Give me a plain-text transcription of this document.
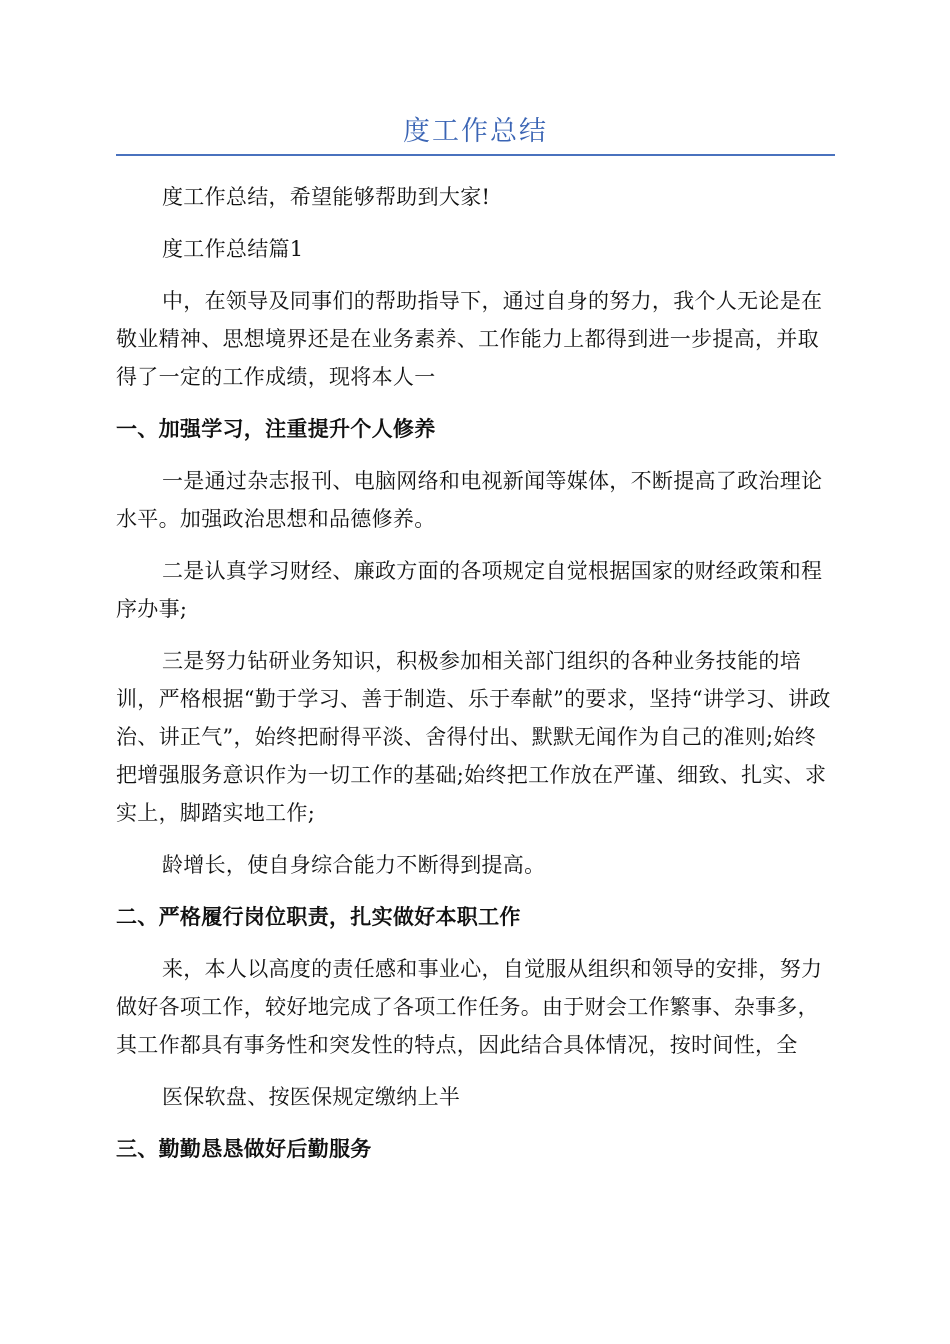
度工作总结

度工作总结，希望能够帮助到大家!

度工作总结篇1

中，在领导及同事们的帮助指导下，通过自身的努力，我个人无论是在敬业精神、思想境界还是在业务素养、工作能力上都得到进一步提高，并取得了一定的工作成绩，现将本人一

一、加强学习，注重提升个人修养

一是通过杂志报刊、电脑网络和电视新闻等媒体，不断提高了政治理论水平。加强政治思想和品德修养。

二是认真学习财经、廉政方面的各项规定自觉根据国家的财经政策和程序办事;

三是努力钻研业务知识，积极参加相关部门组织的各种业务技能的培训，严格根据“勤于学习、善于制造、乐于奉献”的要求，坚持“讲学习、讲政治、讲正气”，始终把耐得平淡、舍得付出、默默无闻作为自己的准则;始终把增强服务意识作为一切工作的基础;始终把工作放在严谨、细致、扎实、求实上，脚踏实地工作;

龄增长，使自身综合能力不断得到提高。

二、严格履行岗位职责，扎实做好本职工作

来，本人以高度的责任感和事业心，自觉服从组织和领导的安排，努力做好各项工作，较好地完成了各项工作任务。由于财会工作繁事、杂事多，其工作都具有事务性和突发性的特点，因此结合具体情况，按时间性，全

医保软盘、按医保规定缴纳上半

三、勤勤恳恳做好后勤服务
